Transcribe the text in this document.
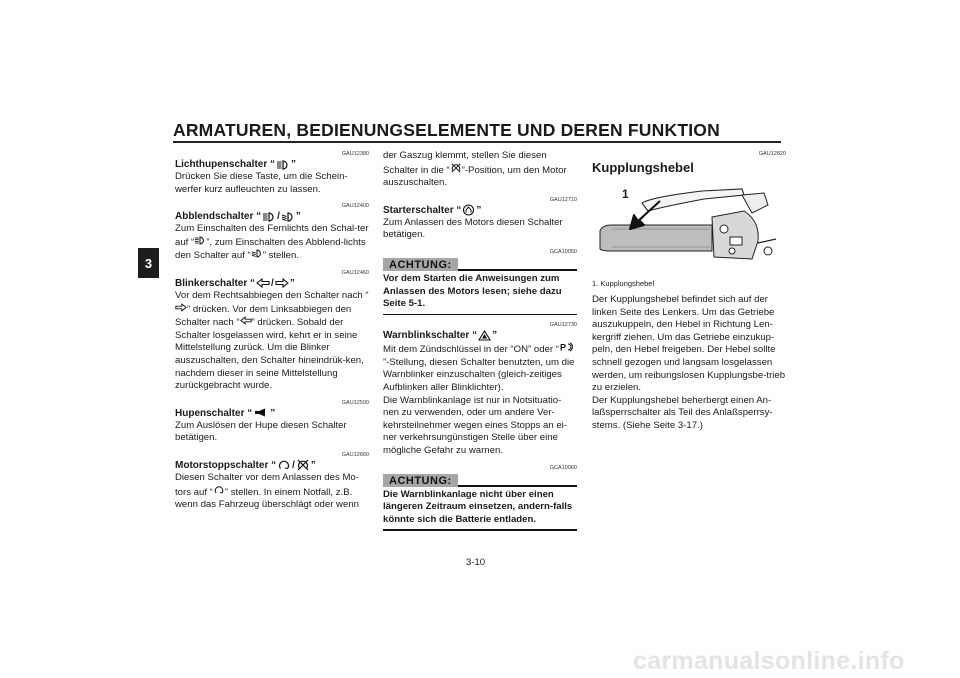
ARMATUREN, BEDIENUNGSELEMENTE UND DEREN FUNKTION
3

GAU12380

Lichthupenschalter “ ”

Drücken Sie diese Taste, um die Schein-werfer kurz aufleuchten zu lassen.

GAU12400

Abblendschalter “ / ”

Zum Einschalten des Fernlichts den Schal-ter auf “ ”, zum Einschalten des Abblend-lichts den Schalter auf “ ” stellen.

GAU12460

Blinkerschalter “ / ”

Vor dem Rechtsabbiegen den Schalter nach “” drücken. Vor dem Linksabbiegen den Schalter nach “ ” drücken. Sobald der Schalter losgelassen wird, kehrt er in seine Mittelstellung zurück. Um die Blinker auszuschalten, den Schalter hineindrük-ken, nachdem dieser in seine Mittelstellung zurückgebracht wurde.

GAU12500

Hupenschalter “ ”

Zum Auslösen der Hupe diesen Schalter betätigen.

GAU12660

Motorstoppschalter “ / ”

Diesen Schalter vor dem Anlassen des Mo-tors auf “ ” stellen. In einem Notfall, z.B. wenn das Fahrzeug überschlägt oder wenn

der Gaszug klemmt, stellen Sie diesen Schalter in die “ ”-Position, um den Motor auszuschalten.

GAU12710

Starterschalter “ ”

Zum Anlassen des Motors diesen Schalter betätigen.

GCA10050

ACHTUNG:

Vor dem Starten die Anweisungen zum Anlassen des Motors lesen; siehe dazu Seite 5-1.

GAU12730

Warnblinkschalter “ ”

Mit dem Zündschlüssel in der “ON” oder “ P
”-Stellung, diesen Schalter benutzten, um die Warnblinker einzuschalten (gleich-zeitiges Aufblinken aller Blinklichter).
Die Warnblinkanlage ist nur in Notsituatio-nen zu verwenden, oder um andere Ver-kehrsteilnehmer wegen eines Stopps an ei-ner verkehrsungünstigen Stelle über eine mögliche Gefahr zu warnen.

GCA10060

ACHTUNG:

Die Warnblinkanlage nicht über einen längeren Zeitraum einsetzen, andern-falls könnte sich die Batterie entladen.

GAU12820

Kupplungshebel

1

1. Kupplungshebel

Der Kupplungshebel befindet sich auf der linken Seite des Lenkers. Um das Getriebe auszukuppeln, den Hebel in Richtung Len-kergriff ziehen. Um das Getriebe einzukup-peln, den Hebel freigeben. Der Hebel sollte schnell gezogen und langsam losgelassen werden, um reibungslosen Kupplungsbe-trieb zu erzielen.

Der Kupplungshebel beherbergt einen An-laßsperrschalter als Teil des Anlaßsperrsy-stems. (Siehe Seite 3-17.)

3-10
carmanualsonline.info
